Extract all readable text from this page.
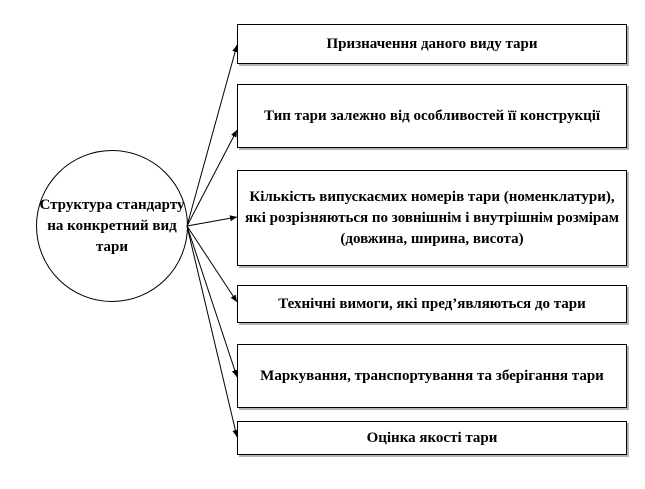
Структура стандарту на конкретний вид тари
Призначення даного виду тари
Тип тари залежно від особливостей її конструкції
Кількість випускаємих номерів тари (номенклатури), які розрізняються по зовнішнім і внутрішнім розмірам (довжина, ширина, висота)
Технічні вимоги, які пред’являються до тари
Маркування, транспортування та зберігання тари
Оцінка якості тари
